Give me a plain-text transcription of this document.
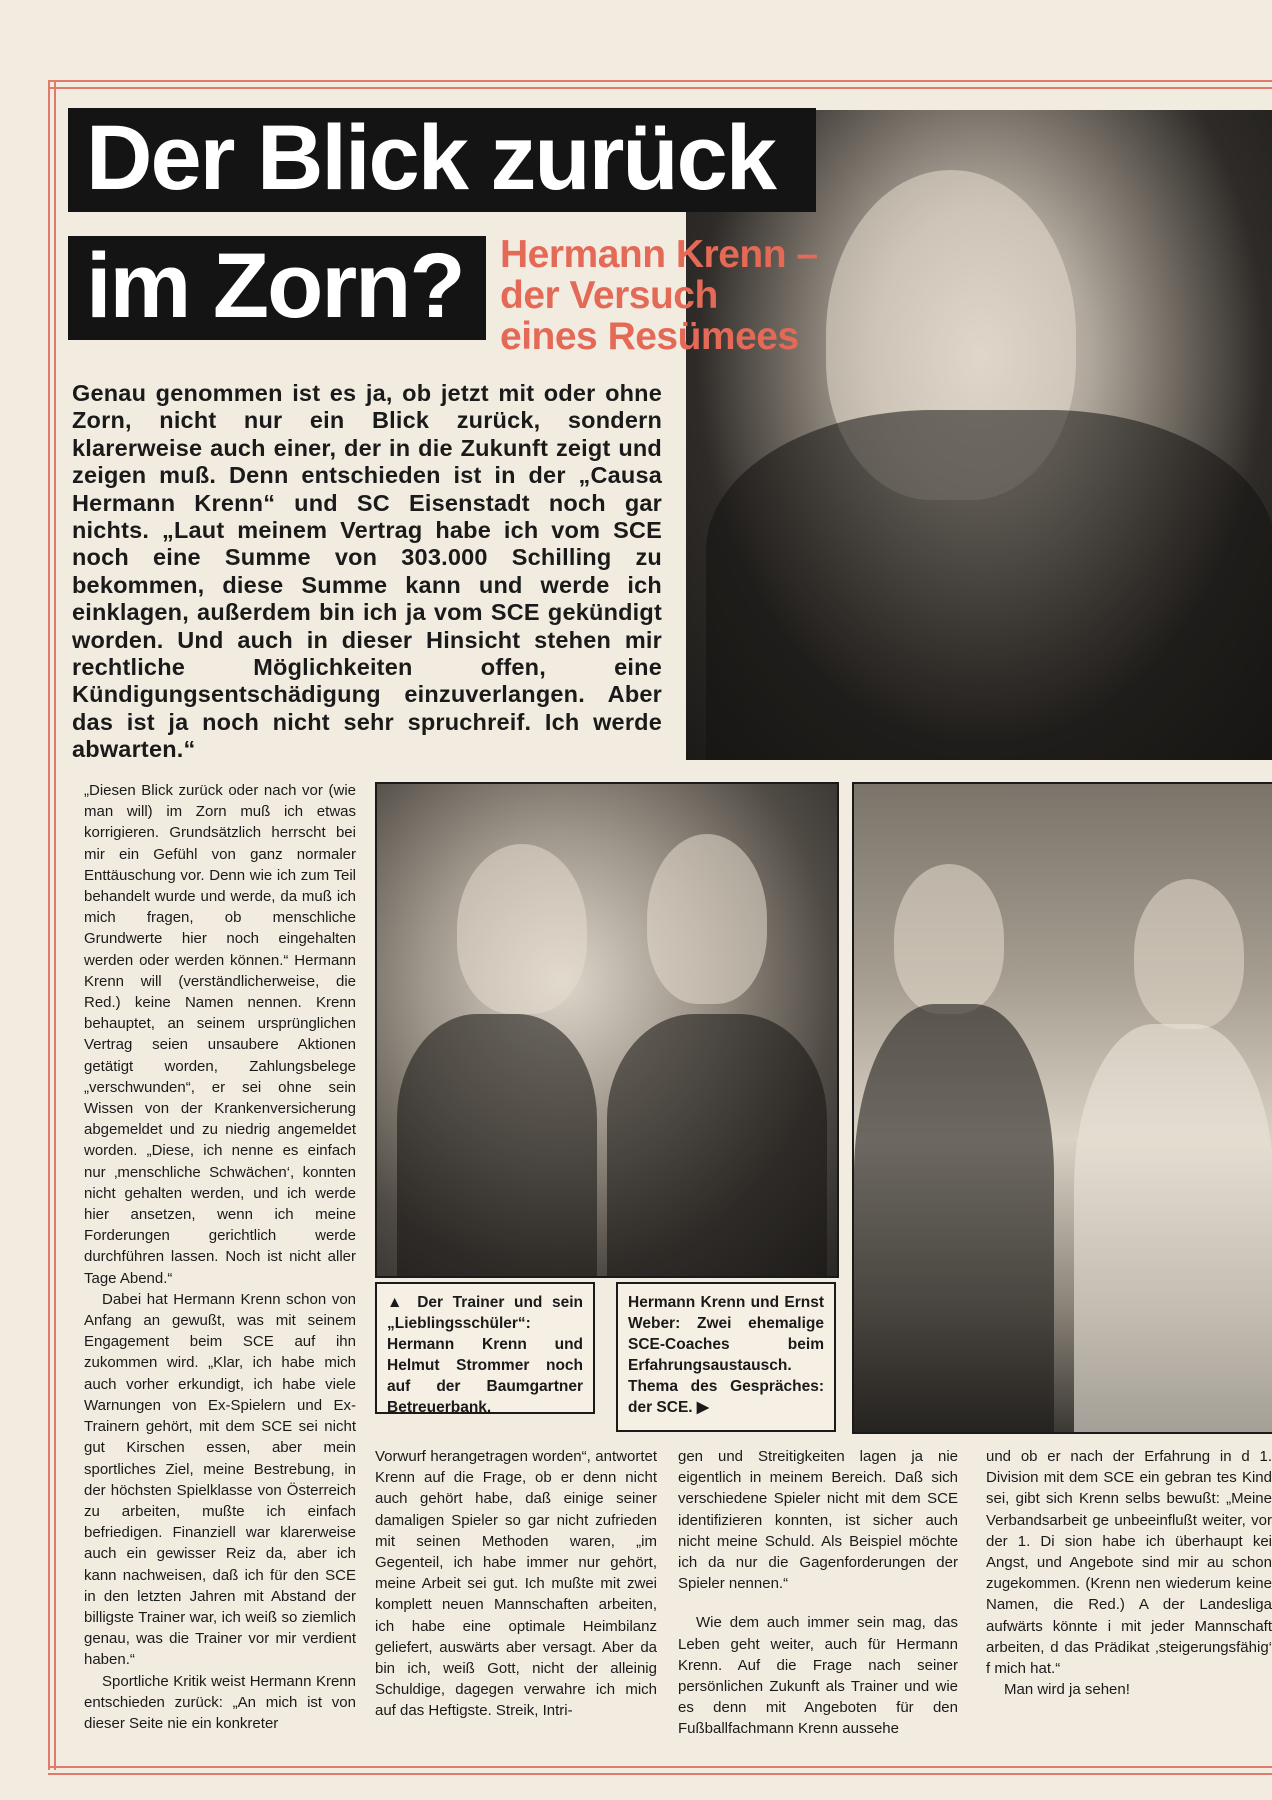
Der Blick zurück
im Zorn? Hermann Krenn –
der Versuch
eines Resümees
Genau genommen ist es ja, ob jetzt mit oder ohne Zorn, nicht nur ein Blick zurück, sondern klarerweise auch einer, der in die Zukunft zeigt und zeigen muß. Denn entschieden ist in der „Causa Hermann Krenn“ und SC Eisenstadt noch gar nichts. „Laut meinem Vertrag habe ich vom SCE noch eine Summe von 303.000 Schilling zu bekommen, diese Summe kann und werde ich einklagen, außerdem bin ich ja vom SCE gekündigt worden. Und auch in dieser Hinsicht stehen mir rechtliche Möglichkeiten offen, eine Kündigungsentschädigung einzuverlangen. Aber das ist ja noch nicht sehr spruchreif. Ich werde abwarten.“
▲ Der Trainer und sein „Lieblingsschüler“: Hermann Krenn und Helmut Strommer noch auf der Baumgartner Betreuerbank.
Hermann Krenn und Ernst Weber: Zwei ehemalige SCE-Coaches beim Erfahrungsaustausch. Thema des Gespräches: der SCE. ▶

„Diesen Blick zurück oder nach vor (wie man will) im Zorn muß ich etwas korrigieren. Grundsätzlich herrscht bei mir ein Gefühl von ganz normaler Enttäuschung vor. Denn wie ich zum Teil behandelt wurde und werde, da muß ich mich fragen, ob menschliche Grundwerte hier noch eingehalten werden oder werden können.“ Hermann Krenn will (verständlicherweise, die Red.) keine Namen nennen. Krenn behauptet, an seinem ursprünglichen Vertrag seien unsaubere Aktionen getätigt worden, Zahlungsbelege „verschwunden“, er sei ohne sein Wissen von der Krankenversicherung abgemeldet und zu niedrig angemeldet worden. „Diese, ich nenne es einfach nur ‚menschliche Schwächen‘, konnten nicht gehalten werden, und ich werde hier ansetzen, wenn ich meine Forderungen gerichtlich werde durchführen lassen. Noch ist nicht aller Tage Abend.“

Dabei hat Hermann Krenn schon von Anfang an gewußt, was mit seinem Engagement beim SCE auf ihn zukommen wird. „Klar, ich habe mich auch vorher erkundigt, ich habe viele Warnungen von Ex-Spielern und Ex-Trainern gehört, mit dem SCE sei nicht gut Kirschen essen, aber mein sportliches Ziel, meine Bestrebung, in der höchsten Spielklasse von Österreich zu arbeiten, mußte ich einfach befriedigen. Finanziell war klarerweise auch ein gewisser Reiz da, aber ich kann nachweisen, daß ich für den SCE in den letzten Jahren mit Abstand der billigste Trainer war, ich weiß so ziemlich genau, was die Trainer vor mir verdient haben.“

Sportliche Kritik weist Hermann Krenn entschieden zurück: „An mich ist von dieser Seite nie ein konkreter

Vorwurf herangetragen worden“, antwortet Krenn auf die Frage, ob er denn nicht auch gehört habe, daß einige seiner damaligen Spieler so gar nicht zufrieden mit seinen Methoden waren, „im Gegenteil, ich habe immer nur gehört, meine Arbeit sei gut. Ich mußte mit zwei komplett neuen Mannschaften arbeiten, ich habe eine optimale Heimbilanz geliefert, auswärts aber versagt. Aber da bin ich, weiß Gott, nicht der alleinig Schuldige, dagegen verwahre ich mich auf das Heftigste. Streik, Intri-

gen und Streitigkeiten lagen ja nie eigentlich in meinem Bereich. Daß sich verschiedene Spieler nicht mit dem SCE identifizieren konnten, ist sicher auch nicht meine Schuld. Als Beispiel möchte ich da nur die Gagenforderungen der Spieler nennen.“

Wie dem auch immer sein mag, das Leben geht weiter, auch für Hermann Krenn. Auf die Frage nach seiner persönlichen Zukunft als Trainer und wie es denn mit Angeboten für den Fußballfachmann Krenn aussehe

und ob er nach der Erfahrung in d 1. Division mit dem SCE ein gebran tes Kind sei, gibt sich Krenn selbs bewußt: „Meine Verbandsarbeit ge unbeeinflußt weiter, vor der 1. Di sion habe ich überhaupt kei Angst, und Angebote sind mir au schon zugekommen. (Krenn nen wiederum keine Namen, die Red.) A der Landesliga aufwärts könnte i mit jeder Mannschaft arbeiten, d das Prädikat ‚steigerungsfähig‘ f mich hat.“

Man wird ja sehen!
